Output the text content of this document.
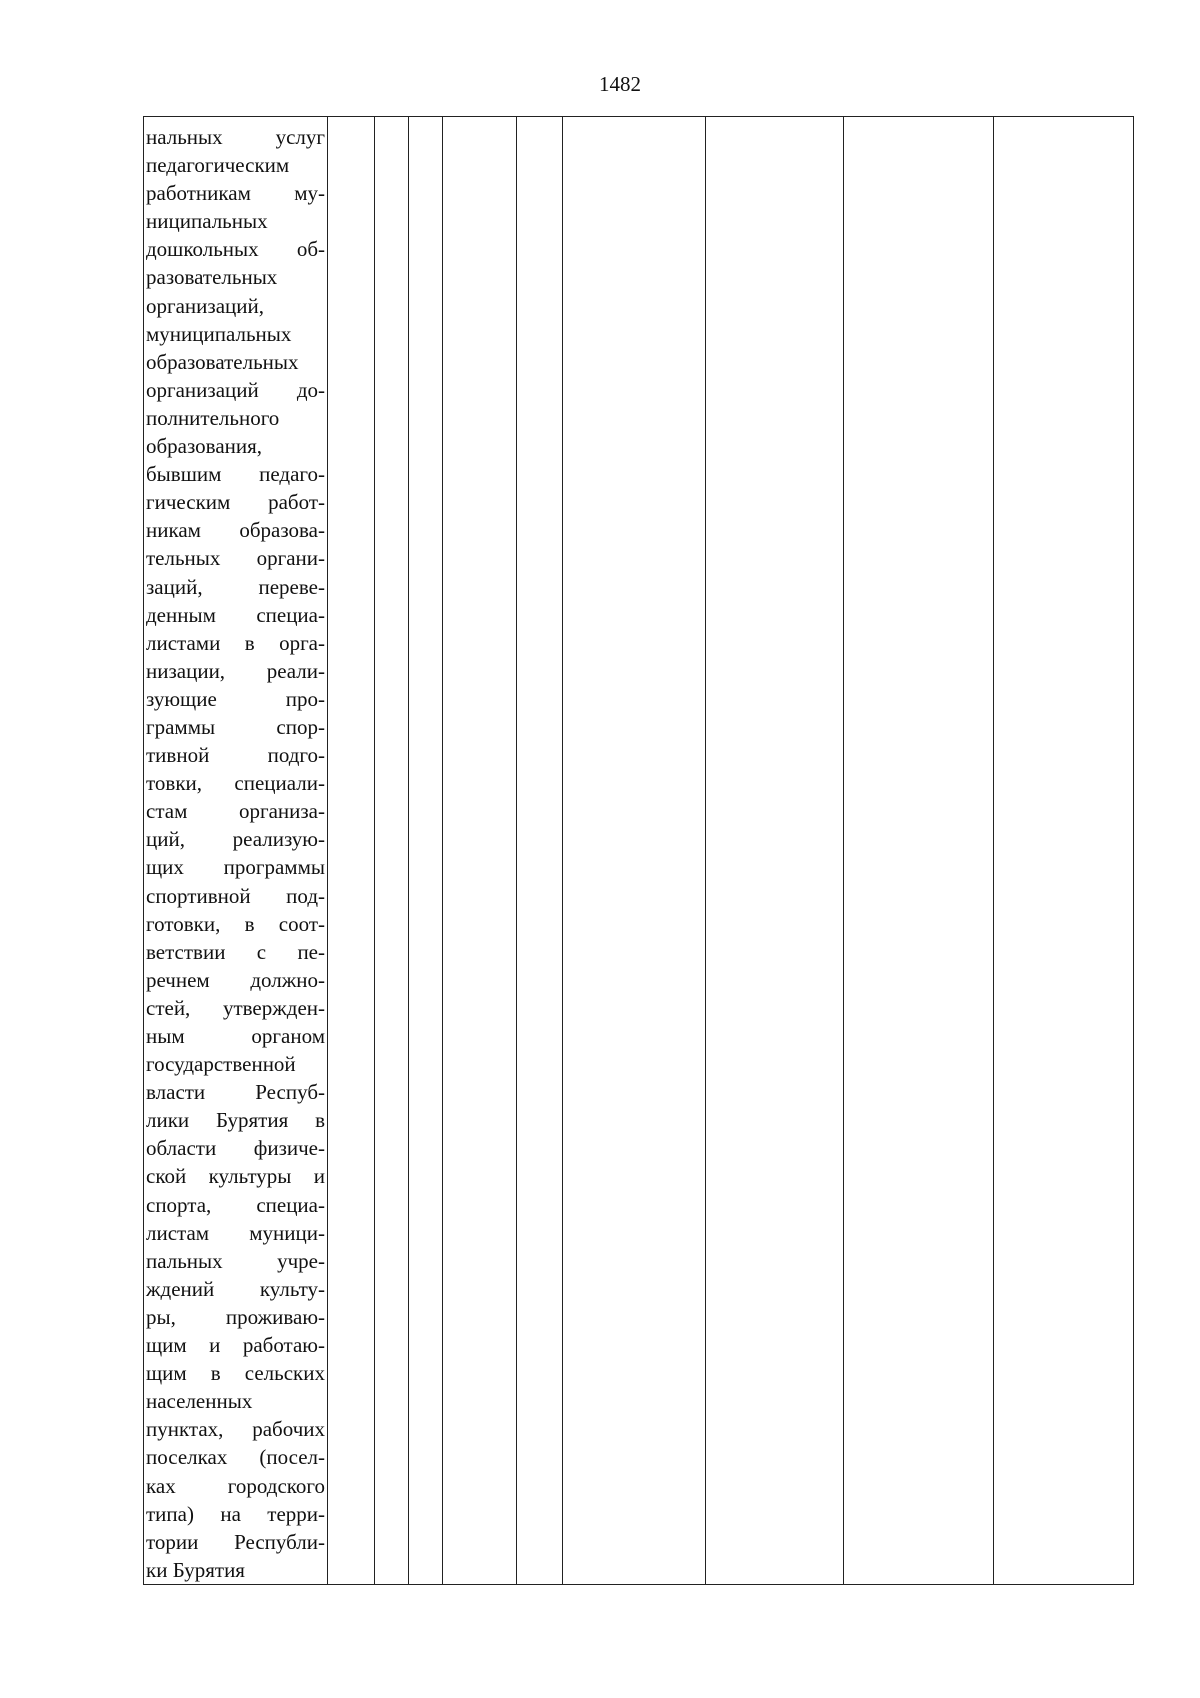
1482
нальных услуг
педагогическим
работникам му-
ниципальных
дошкольных об-
разовательных
организаций,
муниципальных
образовательных
организаций до-
полнительного
образования,
бывшим педаго-
гическим работ-
никам образова-
тельных органи-
заций, переве-
денным специа-
листами в орга-
низации, реали-
зующие про-
граммы спор-
тивной подго-
товки, специали-
стам организа-
ций, реализую-
щих программы
спортивной под-
готовки, в соот-
ветствии с пе-
речнем должно-
стей, утвержден-
ным органом
государственной
власти Респуб-
лики Бурятия в
области физиче-
ской культуры и
спорта, специа-
листам муници-
пальных учре-
ждений культу-
ры, проживаю-
щим и работаю-
щим в сельских
населенных
пунктах, рабочих
поселках (посел-
ках городского
типа) на терри-
тории Республи-
ки Бурятия
